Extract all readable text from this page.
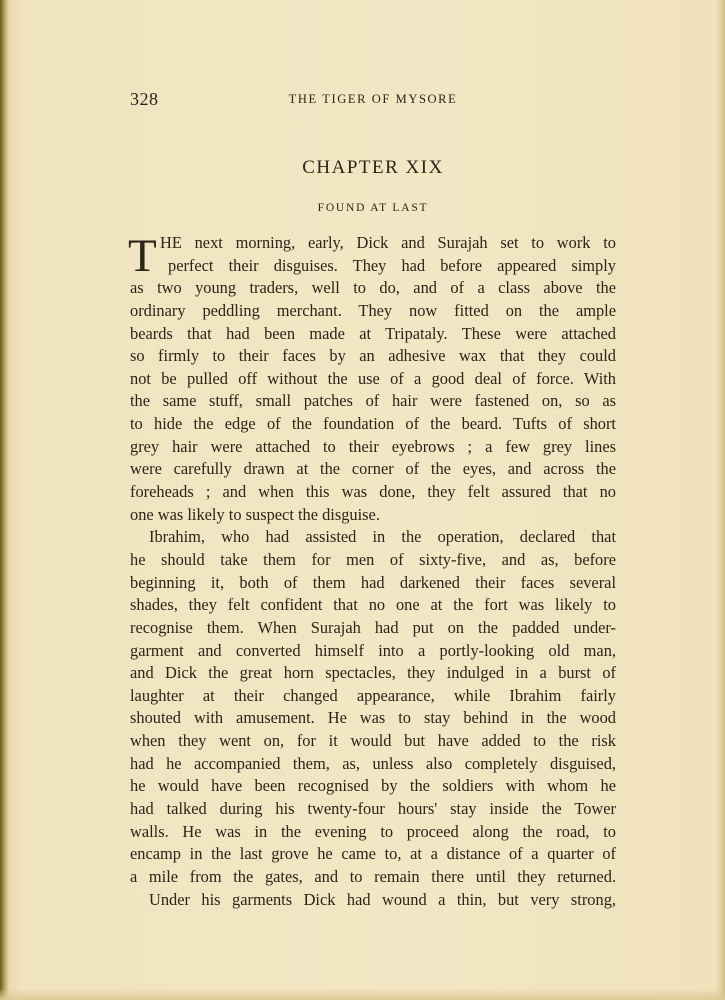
328	THE TIGER OF MYSORE
CHAPTER XIX
FOUND AT LAST
T HE next morning, early, Dick and Surajah set to work to
perfect their disguises. They had before appeared simply
as two young traders, well to do, and of a class above the
ordinary peddling merchant. They now fitted on the ample
beards that had been made at Tripataly. These were attached
so firmly to their faces by an adhesive wax that they could
not be pulled off without the use of a good deal of force. With
the same stuff, small patches of hair were fastened on, so as
to hide the edge of the foundation of the beard. Tufts of short
grey hair were attached to their eyebrows ; a few grey lines
were carefully drawn at the corner of the eyes, and across the
foreheads ; and when this was done, they felt assured that no
one was likely to suspect the disguise.
Ibrahim, who had assisted in the operation, declared that
he should take them for men of sixty-five, and as, before
beginning it, both of them had darkened their faces several
shades, they felt confident that no one at the fort was likely to
recognise them. When Surajah had put on the padded under-
garment and converted himself into a portly-looking old man,
and Dick the great horn spectacles, they indulged in a burst of
laughter at their changed appearance, while Ibrahim fairly
shouted with amusement. He was to stay behind in the wood
when they went on, for it would but have added to the risk
had he accompanied them, as, unless also completely disguised,
he would have been recognised by the soldiers with whom he
had talked during his twenty-four hours' stay inside the Tower
walls. He was in the evening to proceed along the road, to
encamp in the last grove he came to, at a distance of a quarter of
a mile from the gates, and to remain there until they returned.
Under his garments Dick had wound a thin, but very strong,
